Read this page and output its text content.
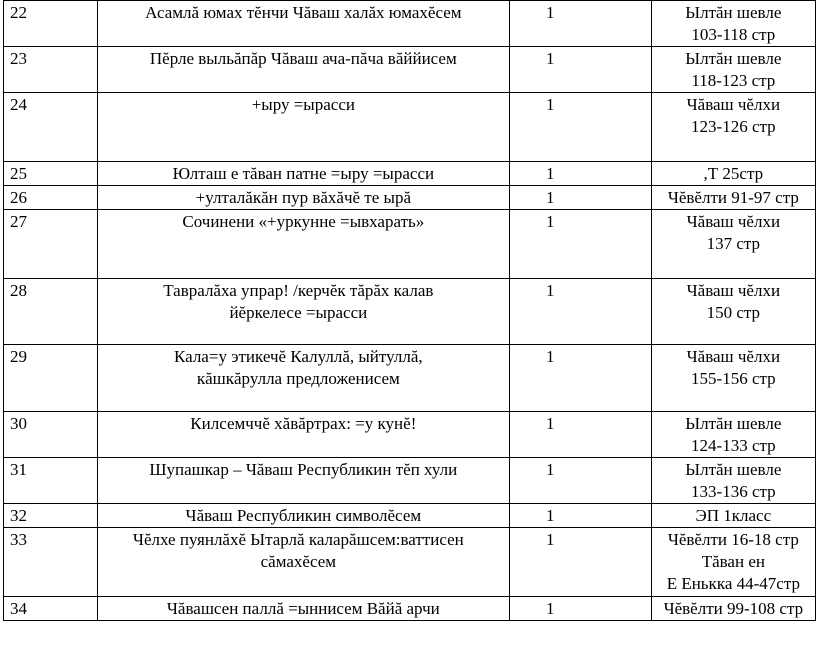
22	Асамлă юмах тĕнчи Чăваш халăх юмахĕсем	1	Ылтăн шевле
103-118 стр

23	Пĕрле выльăпăр Чăваш ача-пăча вăййисем	1	Ылтăн шевле
118-123 стр

24	+ыру =ырасси	1	Чăваш чĕлхи
123-126 стр

25	Юлташ е тăван патне =ыру =ырасси	1	,Т 25стр

26	+улталăкăн пур вăхăчĕ те ырă	1	Чĕвĕлти 91-97 стр

27	Сочинени «+уркунне =ывхарать»	1	Чăваш чĕлхи
137 стр

28	Тавралăха упрар! /керчĕк тăрăх калав йĕркелесе =ырасси	1	Чăваш чĕлхи
150 стр

29	Кала=у этикечĕ Калуллă, ыйтуллă, кăшкăрулла предложенисем	1	Чăваш чĕлхи
155-156 стр

30	Килсемччĕ хăвăртрах: =у кунĕ!	1	Ылтăн шевле
124-133 стр

31	Шупашкар – Чăваш Республикин тĕп хули	1	Ылтăн шевле
133-136 стр

32	Чăваш Республикин символĕсем	1	ЭП 1класс

33	Чĕлхе пуянлăхĕ Ытарлă каларăшсем:ваттисен сăмахĕсем	1	Чĕвĕлти 16-18 стр
Тăван ен
Е Енькка 44-47стр

34	Чăвашсен паллă =ыннисем Вăйă арчи	1	Чĕвĕлти 99-108 стр
